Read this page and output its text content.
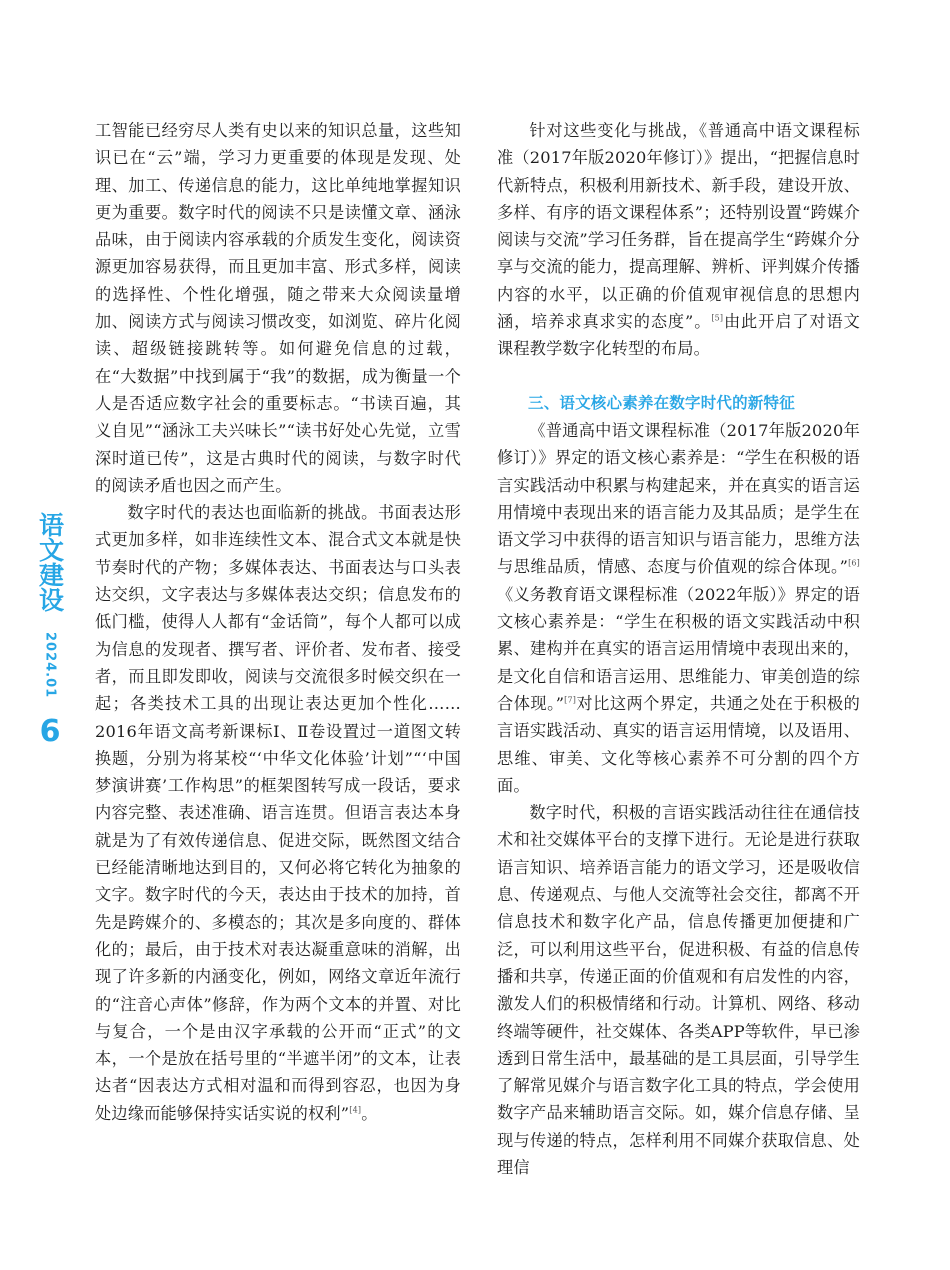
语文建设
2024.01
6

工智能已经穷尽人类有史以来的知识总量，这些知识已在“云”端，学习力更重要的体现是发现、处理、加工、传递信息的能力，这比单纯地掌握知识更为重要。数字时代的阅读不只是读懂文章、涵泳品味，由于阅读内容承载的介质发生变化，阅读资源更加容易获得，而且更加丰富、形式多样，阅读的选择性、个性化增强，随之带来大众阅读量增加、阅读方式与阅读习惯改变，如浏览、碎片化阅读、超级链接跳转等。如何避免信息的过载，在“大数据”中找到属于“我”的数据，成为衡量一个人是否适应数字社会的重要标志。“书读百遍，其义自见”“涵泳工夫兴味长”“读书好处心先觉，立雪深时道已传”，这是古典时代的阅读，与数字时代的阅读矛盾也因之而产生。

数字时代的表达也面临新的挑战。书面表达形式更加多样，如非连续性文本、混合式文本就是快节奏时代的产物；多媒体表达、书面表达与口头表达交织，文字表达与多媒体表达交织；信息发布的低门槛，使得人人都有“金话筒”，每个人都可以成为信息的发现者、撰写者、评价者、发布者、接受者，而且即发即收，阅读与交流很多时候交织在一起；各类技术工具的出现让表达更加个性化……2016年语文高考新课标Ⅰ、Ⅱ卷设置过一道图文转换题，分别为将某校“‘中华文化体验’计划”“‘中国梦演讲赛’工作构思”的框架图转写成一段话，要求内容完整、表述准确、语言连贯。但语言表达本身就是为了有效传递信息、促进交际，既然图文结合已经能清晰地达到目的，又何必将它转化为抽象的文字。数字时代的今天，表达由于技术的加持，首先是跨媒介的、多模态的；其次是多向度的、群体化的；最后，由于技术对表达凝重意味的消解，出现了许多新的内涵变化，例如，网络文章近年流行的“注音心声体”修辞，作为两个文本的并置、对比与复合，一个是由汉字承载的公开而“正式”的文本，一个是放在括号里的“半遮半闭”的文本，让表达者“因表达方式相对温和而得到容忍，也因为身处边缘而能够保持实话实说的权利”[4]。

针对这些变化与挑战，《普通高中语文课程标准（2017年版2020年修订）》提出，“把握信息时代新特点，积极利用新技术、新手段，建设开放、多样、有序的语文课程体系”；还特别设置“跨媒介阅读与交流”学习任务群，旨在提高学生“跨媒介分享与交流的能力，提高理解、辨析、评判媒介传播内容的水平，以正确的价值观审视信息的思想内涵，培养求真求实的态度”。[5]由此开启了对语文课程教学数字化转型的布局。

三、语文核心素养在数字时代的新特征

《普通高中语文课程标准（2017年版2020年修订）》界定的语文核心素养是：“学生在积极的语言实践活动中积累与构建起来，并在真实的语言运用情境中表现出来的语言能力及其品质；是学生在语文学习中获得的语言知识与语言能力，思维方法与思维品质，情感、态度与价值观的综合体现。”[6]《义务教育语文课程标准（2022年版）》界定的语文核心素养是：“学生在积极的语文实践活动中积累、建构并在真实的语言运用情境中表现出来的，是文化自信和语言运用、思维能力、审美创造的综合体现。”[7]对比这两个界定，共通之处在于积极的言语实践活动、真实的语言运用情境，以及语用、思维、审美、文化等核心素养不可分割的四个方面。

数字时代，积极的言语实践活动往往在通信技术和社交媒体平台的支撑下进行。无论是进行获取语言知识、培养语言能力的语文学习，还是吸收信息、传递观点、与他人交流等社会交往，都离不开信息技术和数字化产品，信息传播更加便捷和广泛，可以利用这些平台，促进积极、有益的信息传播和共享，传递正面的价值观和有启发性的内容，激发人们的积极情绪和行动。计算机、网络、移动终端等硬件，社交媒体、各类APP等软件，早已渗透到日常生活中，最基础的是工具层面，引导学生了解常见媒介与语言数字化工具的特点，学会使用数字产品来辅助语言交际。如，媒介信息存储、呈现与传递的特点，怎样利用不同媒介获取信息、处理信
